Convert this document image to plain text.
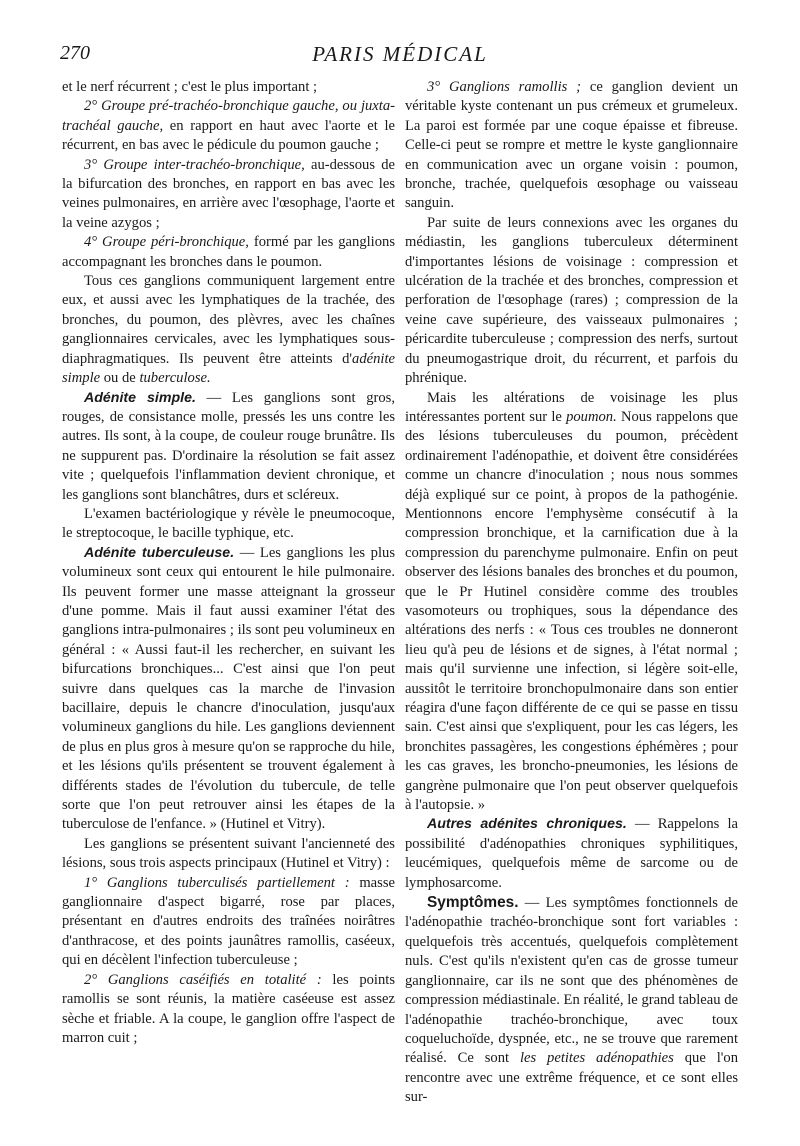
270	PARIS MÉDICAL

et le nerf récurrent ; c'est le plus important ;

2° Groupe pré-trachéo-bronchique gauche, ou juxta-trachéal gauche, en rapport en haut avec l'aorte et le récurrent, en bas avec le pédicule du poumon gauche ;

3° Groupe inter-trachéo-bronchique, au-dessous de la bifurcation des bronches, en rapport en bas avec les veines pulmonaires, en arrière avec l'œsophage, l'aorte et la veine azygos ;

4° Groupe péri-bronchique, formé par les ganglions accompagnant les bronches dans le poumon.

Tous ces ganglions communiquent largement entre eux, et aussi avec les lymphatiques de la trachée, des bronches, du poumon, des plèvres, avec les chaînes ganglionnaires cervicales, avec les lymphatiques sous-diaphragmatiques. Ils peuvent être atteints d'adénite simple ou de tuberculose.

Adénite simple. — Les ganglions sont gros, rouges, de consistance molle, pressés les uns contre les autres. Ils sont, à la coupe, de couleur rouge brunâtre. Ils ne suppurent pas. D'ordinaire la résolution se fait assez vite ; quelquefois l'inflammation devient chronique, et les ganglions sont blanchâtres, durs et scléreux.

L'examen bactériologique y révèle le pneumocoque, le streptocoque, le bacille typhique, etc.

Adénite tuberculeuse. — Les ganglions les plus volumineux sont ceux qui entourent le hile pulmonaire. Ils peuvent former une masse atteignant la grosseur d'une pomme. Mais il faut aussi examiner l'état des ganglions intra-pulmonaires ; ils sont peu volumineux en général : « Aussi faut-il les rechercher, en suivant les bifurcations bronchiques... C'est ainsi que l'on peut suivre dans quelques cas la marche de l'invasion bacillaire, depuis le chancre d'inoculation, jusqu'aux volumineux ganglions du hile. Les ganglions deviennent de plus en plus gros à mesure qu'on se rapproche du hile, et les lésions qu'ils présentent se trouvent également à différents stades de l'évolution du tubercule, de telle sorte que l'on peut retrouver ainsi les étapes de la tuberculose de l'enfance. » (Hutinel et Vitry).

Les ganglions se présentent suivant l'ancienneté des lésions, sous trois aspects principaux (Hutinel et Vitry) :

1° Ganglions tuberculisés partiellement : masse ganglionnaire d'aspect bigarré, rose par places, présentant en d'autres endroits des traînées noirâtres d'anthracose, et des points jaunâtres ramollis, caséeux, qui en décèlent l'infection tuberculeuse ;

2° Ganglions caséifiés en totalité : les points ramollis se sont réunis, la matière caséeuse est assez sèche et friable. A la coupe, le ganglion offre l'aspect de marron cuit ;

3° Ganglions ramollis ; ce ganglion devient un véritable kyste contenant un pus crémeux et grumeleux. La paroi est formée par une coque épaisse et fibreuse. Celle-ci peut se rompre et mettre le kyste ganglionnaire en communication avec un organe voisin : poumon, bronche, trachée, quelquefois œsophage ou vaisseau sanguin.

Par suite de leurs connexions avec les organes du médiastin, les ganglions tuberculeux déterminent d'importantes lésions de voisinage : compression et ulcération de la trachée et des bronches, compression et perforation de l'œsophage (rares) ; compression de la veine cave supérieure, des vaisseaux pulmonaires ; péricardite tuberculeuse ; compression des nerfs, surtout du pneumogastrique droit, du récurrent, et parfois du phrénique.

Mais les altérations de voisinage les plus intéressantes portent sur le poumon. Nous rappelons que des lésions tuberculeuses du poumon, précèdent ordinairement l'adénopathie, et doivent être considérées comme un chancre d'inoculation ; nous nous sommes déjà expliqué sur ce point, à propos de la pathogénie. Mentionnons encore l'emphysème consécutif à la compression bronchique, et la carnification due à la compression du parenchyme pulmonaire. Enfin on peut observer des lésions banales des bronches et du poumon, que le Pr Hutinel considère comme des troubles vasomoteurs ou trophiques, sous la dépendance des altérations des nerfs : « Tous ces troubles ne donneront lieu qu'à peu de lésions et de signes, à l'état normal ; mais qu'il survienne une infection, si légère soit-elle, aussitôt le territoire bronchopulmonaire dans son entier réagira d'une façon différente de ce qui se passe en tissu sain. C'est ainsi que s'expliquent, pour les cas légers, les bronchites passagères, les congestions éphémères ; pour les cas graves, les broncho-pneumonies, les lésions de gangrène pulmonaire que l'on peut observer quelquefois à l'autopsie. »

Autres adénites chroniques. — Rappelons la possibilité d'adénopathies chroniques syphilitiques, leucémiques, quelquefois même de sarcome ou de lymphosarcome.

Symptômes. — Les symptômes fonctionnels de l'adénopathie trachéo-bronchique sont fort variables : quelquefois très accentués, quelquefois complètement nuls. C'est qu'ils n'existent qu'en cas de grosse tumeur ganglionnaire, car ils ne sont que des phénomènes de compression médiastinale. En réalité, le grand tableau de l'adénopathie trachéo-bronchique, avec toux coqueluchoïde, dyspnée, etc., ne se trouve que rarement réalisé. Ce sont les petites adénopathies que l'on rencontre avec une extrême fréquence, et ce sont elles sur-
